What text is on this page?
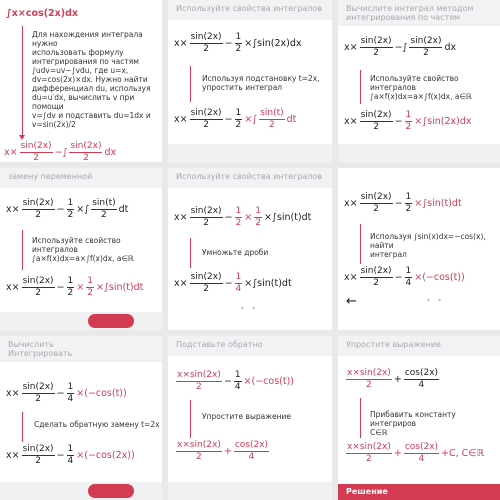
∫x×cos(2x)dx
Для нахождения интеграла нужно
использовать формулу
интегрирования по частям
∫udv=uv−∫vdu, где u=x,
dv=cos(2x)×dx. Нужно найти
дифференциал du, используя
du=u′dx, вычислить v при помощи
v=∫dv и подставить du=1dx и
v=sin(2x)/2
$x\times \frac{\sin(2x)}{2}$ −∫ $\frac{\sin(2x)}{2}$ dx
Используйте свойства интегралов
$x\times \frac{\sin(2x)}{2} - \frac{1}{2} \times\int\sin(2x)dx$
Используя подстановку t=2x,
упростить интеграл
$x\times \frac{\sin(2x)}{2} - \frac{1}{2}$ ×∫ $\frac{\sin(t)}{2}$ dt
Вычислите интеграл методом
интегрирования по частям
$x\times \frac{\sin(2x)}{2}$ −∫ $\frac{\sin(2x)}{2}$ dx
Используйте свойство интегралов
∫a×f(x)dx=a×∫f(x)dx, a∈ℝ
$x\times \frac{\sin(2x)}{2} - \frac{1}{2} \times\int\sin(2x)dx$
замену переменной
$x\times \frac{\sin(2x)}{2} - \frac{1}{2}$ ×∫ $\frac{\sin(t)}{2}$ dt
Используйте свойство интегралов
∫a×f(x)dx=a×∫f(x)dx, a∈ℝ
$x\times \frac{\sin(2x)}{2} - \frac{1}{2} \times \frac{1}{2} \times\int\sin(t)dt$
Используйте свойства интегралов
$x\times \frac{\sin(2x)}{2} - \frac{1}{2} \times \frac{1}{2} \times\int\sin(t)dt$
Умножьте дроби
$x\times \frac{\sin(2x)}{2} - \frac{1}{4} \times\int\sin(t)dt$
• •
$x\times \frac{\sin(2x)}{2} - \frac{1}{2} \times\int\sin(t)dt$
Используя ∫sin(x)dx=−cos(x), найти
интеграл
$x\times \frac{\sin(2x)}{2} - \frac{1}{4} \times(-\cos(t))$
←	• •
Вычислить
Интегрировать
$x\times \frac{\sin(2x)}{2} - \frac{1}{4} \times(-\cos(t))$
Сделать обратную замену t=2x
$x\times \frac{\sin(2x)}{2} - \frac{1}{4} \times(-\cos(2x))$
Подставьте обратно
$\frac{x\times\sin(2x)}{2} - \frac{1}{4} \times(-\cos(t))$
Упростите выражение
$\frac{x\times\sin(2x)}{2} + \frac{\cos(2x)}{4}$
Упростите выражение
$\frac{x\times\sin(2x)}{2} + \frac{\cos(2x)}{4}$
Прибавить константу интегриров
C∈ℝ
$\frac{x\times\sin(2x)}{2} + \frac{\cos(2x)}{4} +C$, C∈ℝ
Решение
